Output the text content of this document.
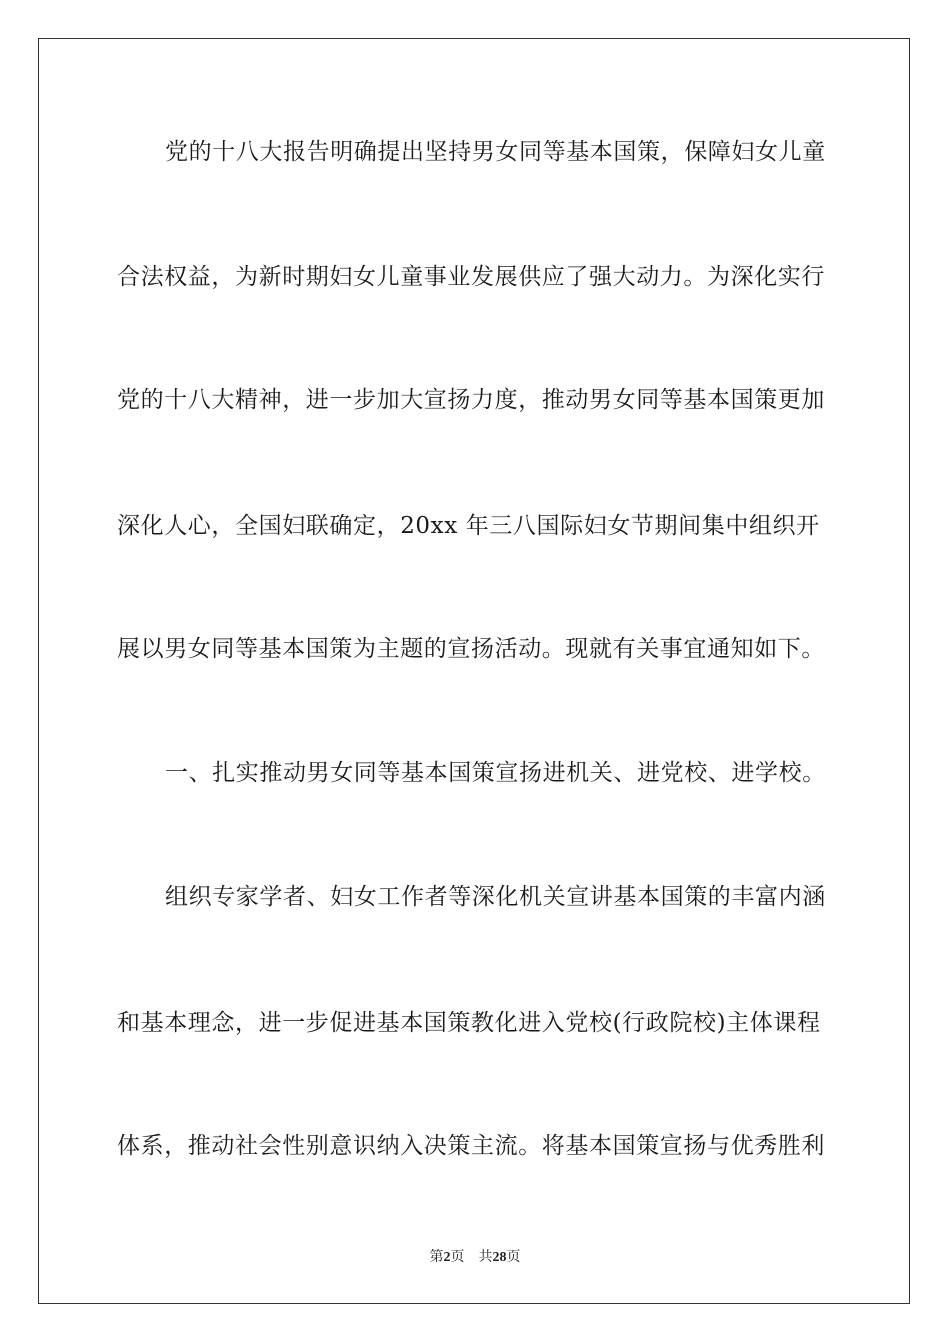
党的十八大报告明确提出坚持男女同等基本国策，保障妇女儿童
合法权益，为新时期妇女儿童事业发展供应了强大动力。为深化实行
党的十八大精神，进一步加大宣扬力度，推动男女同等基本国策更加
深化人心，全国妇联确定，20xx 年三八国际妇女节期间集中组织开
展以男女同等基本国策为主题的宣扬活动。现就有关事宜通知如下。
一、扎实推动男女同等基本国策宣扬进机关、进党校、进学校。
组织专家学者、妇女工作者等深化机关宣讲基本国策的丰富内涵
和基本理念，进一步促进基本国策教化进入党校(行政院校)主体课程
体系，推动社会性别意识纳入决策主流。将基本国策宣扬与优秀胜利
第2页 共28页
